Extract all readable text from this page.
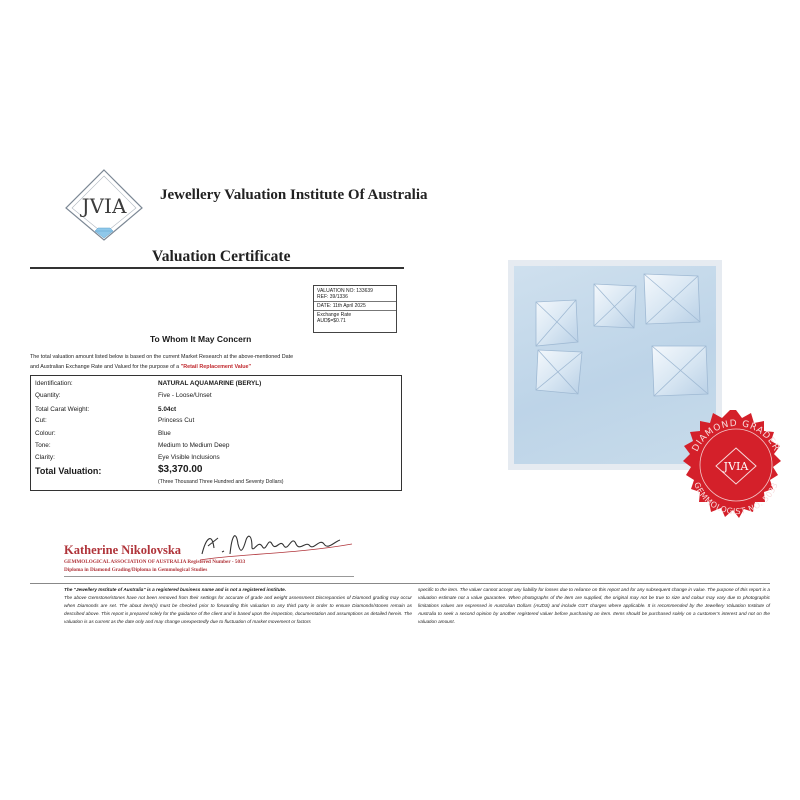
JVIA Jewellery Valuation Institute Of Australia
Valuation Certificate
VALUATION NO: 133639
REF: 39/1336
DATE: 11th April 2025
Exchange Rate
AUD$=$0.71
To Whom It May Concern
The total valuation amount listed below is based on the current Market Research at the above-mentioned Date
and Australian Exchange Rate and Valued for the purpose of a "Retail Replacement Value"
Identification:	NATURAL AQUAMARINE (BERYL)
Quantity:	Five - Loose/Unset
Total Carat Weight:	5.04ct
Cut:	Princess Cut
Colour:	Blue
Tone:	Medium to Medium Deep
Clarity:	Eye Visible Inclusions
Total Valuation:	$3,370.00
(Three Thousand Three Hundred and Seventy Dollars)
Katherine Nikolovska
GEMMOLOGICAL ASSOCIATION OF AUSTRALIA Registered Number - 5033
Diploma in Diamond Grading/Diploma in Gemmological Studies
The "Jewellery Institute of Australia" is a registered business name and is not a registered institute.
The above Gemstone/stones have not been removed from their settings for accurate of grade and weight assessment Discrepancies of Diamond grading may occur when Diamonds are set. The about item(s) must be checked prior to forwarding this valuation to any third party in order to ensure Diamonds/stones remain as described above. This report is prepared solely for the guidance of the client and is based upon the inspection, documentation and assumptions as detailed herein. The valuation is as current as the date only and may change unexpectedly due to fluctuation of market movement or factors
specific to the item. The valuer cannot accept any liability for losses due to reliance on this report and for any subsequent change in value. The purpose of this report is a valuation estimate not a value guarantee. When photographs of the item are supplied, the original may not be true to size and colour may vary due to photographic limitations values are expressed in Australian Dollars (AUDS) and include GST charges where applicable. It is recommended by the Jewellery Valuation Institute of Australia to seek a second opinion by another registered valuer before purchasing an item. Items should be purchased solely on a customer's interest and not on the valuation amount.
DIAMOND GRADER
GEMMOLOGIST NO. 5033
JVIA
